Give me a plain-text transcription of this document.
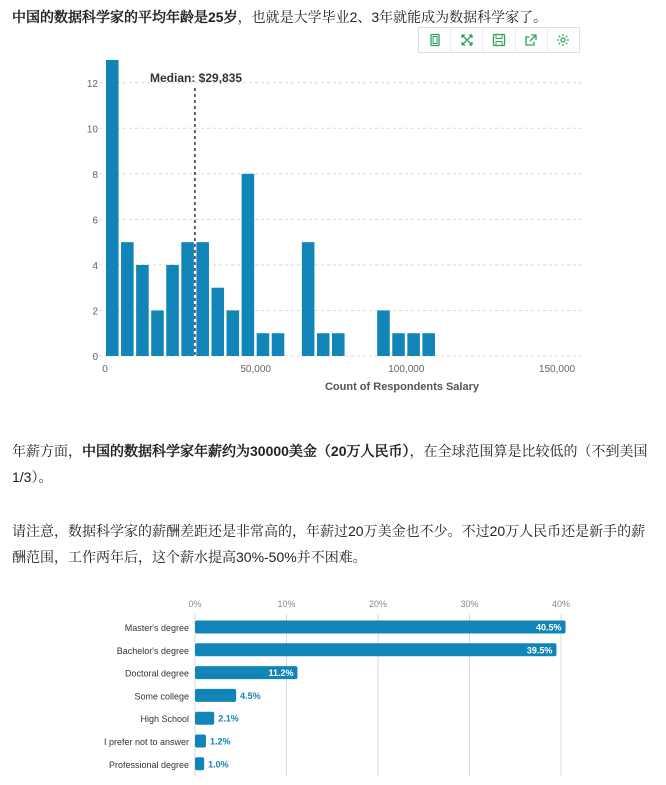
中国的数据科学家的平均年龄是25岁，也就是大学毕业2、3年就能成为数据科学家了。

0
2
4
6
8
10
12
0	50,000	100,000	150,000
Median: $29,835
Count of Respondents Salary

年薪方面，中国的数据科学家年薪约为30000美金（20万人民币），在全球范围算是比较低的（不到美国1/3）。

请注意，数据科学家的薪酬差距还是非常高的，年薪过20万美金也不少。不过20万人民币还是新手的薪酬范围，工作两年后，这个薪水提高30%-50%并不困难。

0%	10%	20%	30%	40%
Master's degree
Bachelor's degree
Doctoral degree
Some college
High School
I prefer not to answer
Professional degree
40.5%
39.5%
11.2%
4.5%
2.1%
1.2%
1.0%
